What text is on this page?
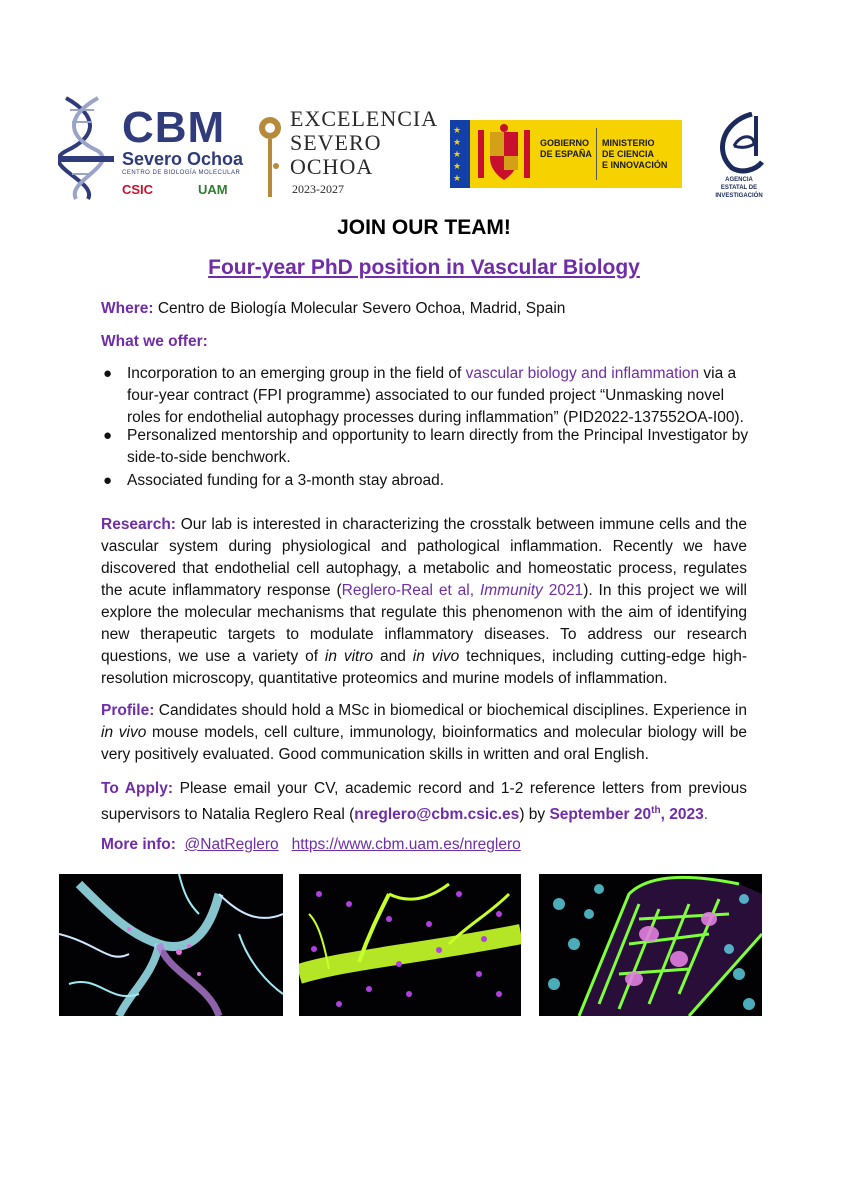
CBM
Severo Ochoa
CENTRO DE BIOLOGÍA MOLECULAR
CSIC	UAM
EXCELENCIA
SEVERO
OCHOA
2023-2027
★
★
★
★
★
GOBIERNO
DE ESPAÑA
MINISTERIO
DE CIENCIA
E INNOVACIÓN
AGENCIA
ESTATAL DE
INVESTIGACIÓN
JOIN OUR TEAM!
Four-year PhD position in Vascular Biology
Where: Centro de Biología Molecular Severo Ochoa, Madrid, Spain
What we offer:
● Incorporation to an emerging group in the field of vascular biology and inflammation via a four-year contract (FPI programme) associated to our funded project “Unmasking novel roles for endothelial autophagy processes during inflammation” (PID2022-137552OA-I00).
● Personalized mentorship and opportunity to learn directly from the Principal Investigator by side-to-side benchwork.
● Associated funding for a 3-month stay abroad.
Research: Our lab is interested in characterizing the crosstalk between immune cells and the vascular system during physiological and pathological inflammation. Recently we have discovered that endothelial cell autophagy, a metabolic and homeostatic process, regulates the acute inflammatory response (Reglero-Real et al, Immunity 2021). In this project we will explore the molecular mechanisms that regulate this phenomenon with the aim of identifying new therapeutic targets to modulate inflammatory diseases. To address our research questions, we use a variety of in vitro and in vivo techniques, including cutting-edge high-resolution microscopy, quantitative proteomics and murine models of inflammation.
Profile: Candidates should hold a MSc in biomedical or biochemical disciplines. Experience in in vivo mouse models, cell culture, immunology, bioinformatics and molecular biology will be very positively evaluated. Good communication skills in written and oral English.
To Apply: Please email your CV, academic record and 1-2 reference letters from previous supervisors to Natalia Reglero Real (nreglero@cbm.csic.es) by September 20th, 2023.
More info: @NatReglero https://www.cbm.uam.es/nreglero
